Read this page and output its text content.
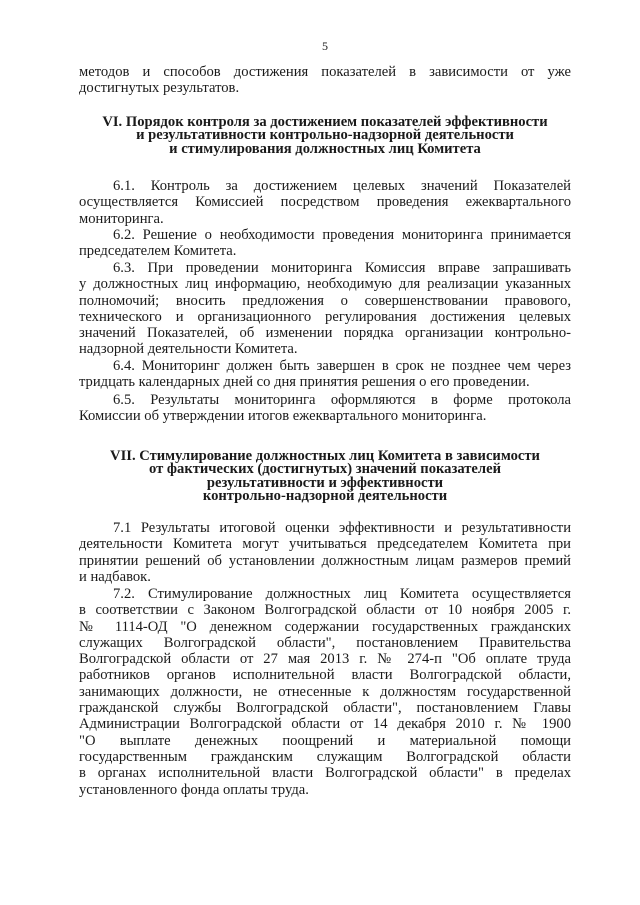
5
методов и способов достижения показателей в зависимости от уже
достигнутых результатов.
VI. Порядок контроля за достижением показателей эффективности
и результативности контрольно-надзорной деятельности
и стимулирования должностных лиц Комитета
6.1. Контроль за достижением целевых значений Показателей
осуществляется Комиссией посредством проведения ежеквартального
мониторинга.
6.2. Решение о необходимости проведения мониторинга принимается
председателем Комитета.
6.3. При проведении мониторинга Комиссия вправе запрашивать
у должностных лиц информацию, необходимую для реализации указанных
полномочий; вносить предложения о совершенствовании правового,
технического и организационного регулирования достижения целевых
значений Показателей, об изменении порядка организации контрольно-
надзорной деятельности Комитета.
6.4. Мониторинг должен быть завершен в срок не позднее чем через
тридцать календарных дней со дня принятия решения о его проведении.
6.5. Результаты мониторинга оформляются в форме протокола
Комиссии об утверждении итогов ежеквартального мониторинга.
VII. Стимулирование должностных лиц Комитета в зависимости
от фактических (достигнутых) значений показателей
результативности и эффективности
контрольно-надзорной деятельности
7.1 Результаты итоговой оценки эффективности и результативности
деятельности Комитета могут учитываться председателем Комитета при
принятии решений об установлении должностным лицам размеров премий
и надбавок.
7.2. Стимулирование должностных лиц Комитета осуществляется
в соответствии с Законом Волгоградской области от 10 ноября 2005 г.
№ 1114-ОД "О денежном содержании государственных гражданских
служащих Волгоградской области", постановлением Правительства
Волгоградской области от 27 мая 2013 г. № 274-п "Об оплате труда
работников органов исполнительной власти Волгоградской области,
занимающих должности, не отнесенные к должностям государственной
гражданской службы Волгоградской области", постановлением Главы
Администрации Волгоградской области от 14 декабря 2010 г. № 1900
"О выплате денежных поощрений и материальной помощи
государственным гражданским служащим Волгоградской области
в органах исполнительной власти Волгоградской области" в пределах
установленного фонда оплаты труда.
